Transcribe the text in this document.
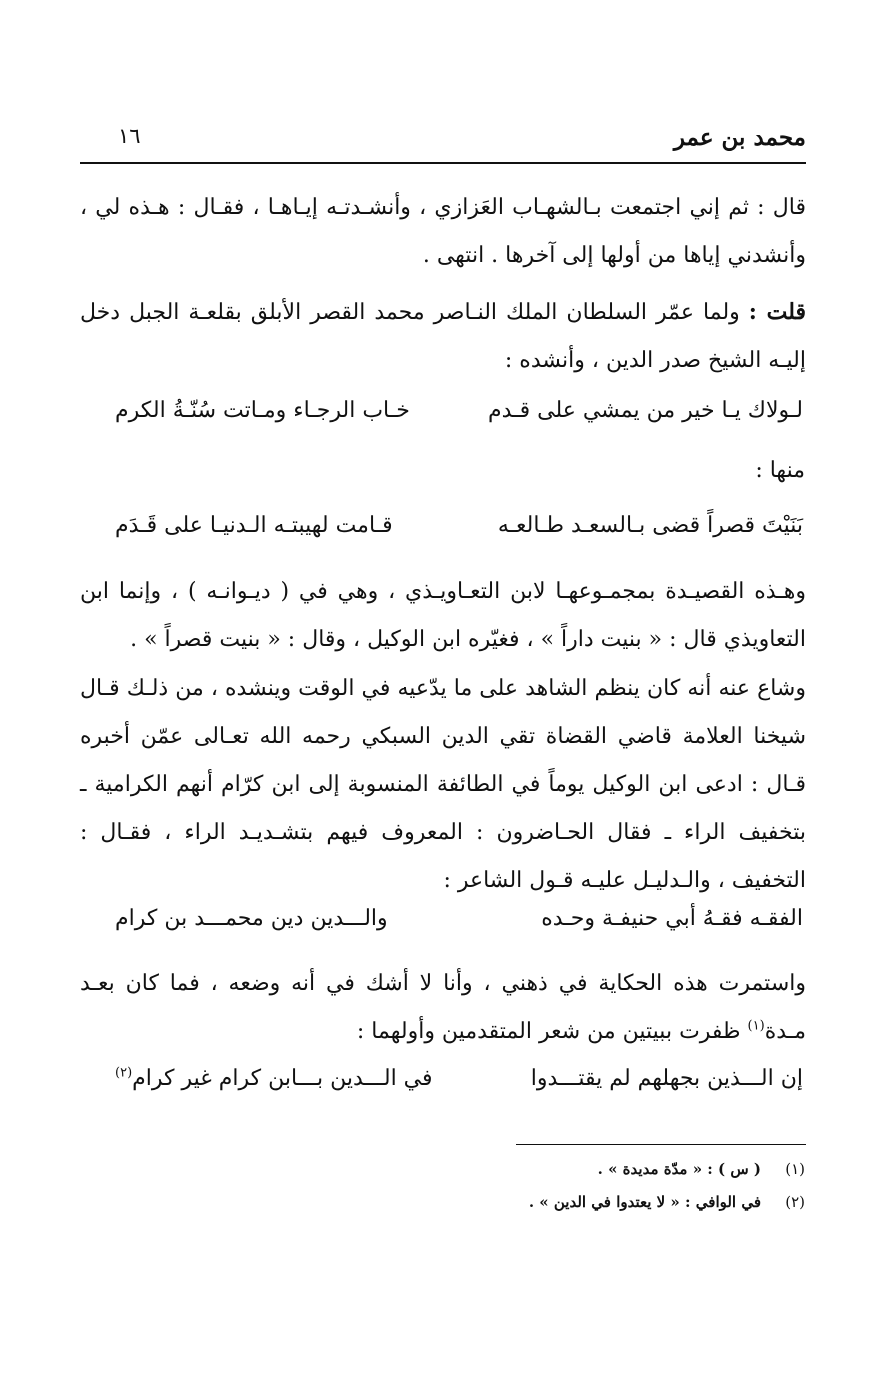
محمد بن عمر
١٦

قال : ثم إني اجتمعت بـالشهـاب العَزازي ، وأنشـدتـه إيـاهـا ، فقـال : هـذه لي ، وأنشدني إياها من أولها إلى آخرها . انتهى .

قلت : ولما عمّر السلطان الملك النـاصر محمد القصر الأبلق بقلعـة الجبل دخل إليـه الشيخ صدر الدين ، وأنشده :

لـولاك يـا خير من يمشي على قـدم
خـاب الرجـاء ومـاتت سُنّـةُ الكرم
منها :
بَنَيْتَ قصراً قضى بـالسعـد طـالعـه
قـامت لهيبتـه الـدنيـا على قَـدَم

وهـذه القصيـدة بمجمـوعهـا لابن التعـاويـذي ، وهي في ( ديـوانـه ) ، وإنما ابن التعاويذي قال : « بنيت داراً » ، فغيّره ابن الوكيل ، وقال : « بنيت قصراً » .

وشاع عنه أنه كان ينظم الشاهد على ما يدّعيه في الوقت وينشده ، من ذلـك قـال شيخنا العلامة قاضي القضاة تقي الدين السبكي رحمه الله تعـالى عمّن أخبره قـال : ادعى ابن الوكيل يوماً في الطائفة المنسوبة إلى ابن كرّام أنهم الكرامية ـ بتخفيف الراء ـ فقال الحـاضرون : المعروف فيهم بتشـديـد الراء ، فقـال : التخفيف ، والـدليـل عليـه قـول الشاعر :

الفقـه فقـهُ أبي حنيفـة وحـده
والـــدين دين محمـــد بن كرام

واستمرت هذه الحكاية في ذهني ، وأنا لا أشك في أنه وضعه ، فما كان بعـد مـدة$^{(١)}$ ظفرت ببيتين من شعر المتقدمين وأولهما :

إن الـــذين بجهلهم لم يقتـــدوا
في الـــدين بـــابن كرام غير كرام$^{(٢)}$
(١)( س ) : « مدّة مديدة » .
(٢)في الوافي : « لا يعتدوا في الدين » .
